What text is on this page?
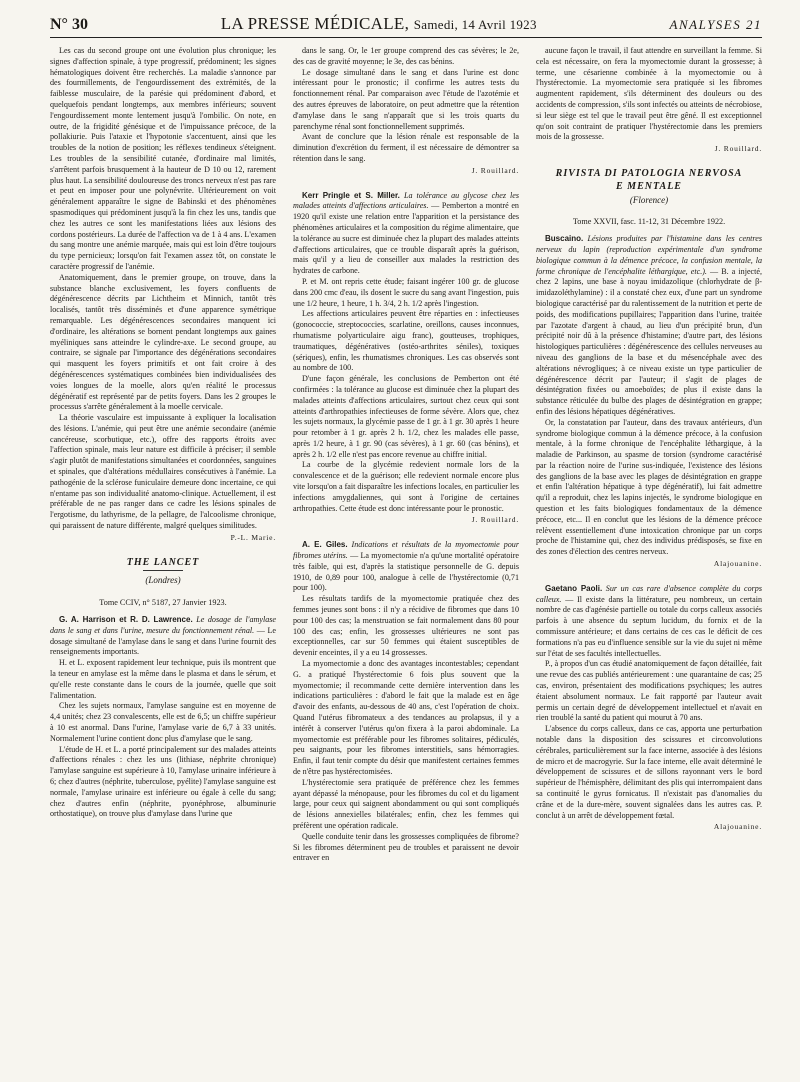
N° 30	LA PRESSE MÉDICALE, Samedi, 14 Avril 1923	ANALYSES 21

Les cas du second groupe ont une évolution plus chronique; les signes d'affection spinale, à type progressif, prédominent; les signes hématologiques doivent être recherchés. La maladie s'annonce par des fourmillements, de l'engourdissement des extrémités, de la faiblesse musculaire, de la parésie qui prédominent d'abord, et quelquefois pendant longtemps, aux membres inférieurs; souvent l'engourdissement monte lentement jusqu'à l'ombilic. On note, en outre, de la frigidité génésique et de l'impuissance précoce, de la pollakiurie. Puis l'ataxie et l'hypotonie s'accentuent, ainsi que les troubles de la notion de position; les réflexes tendineux s'éteignent. Les troubles de la sensibilité cutanée, d'ordinaire mal limités, s'arrêtent parfois brusquement à la hauteur de D 10 ou 12, rarement plus haut. La sensibilité douloureuse des troncs nerveux n'est pas rare et peut en imposer pour une polynévrite. Ultérieurement on voit généralement apparaître le signe de Babinski et des phénomènes spasmodiques qui prédominent jusqu'à la fin chez les uns, tandis que chez les autres ce sont les manifestations liées aux lésions des cordons postérieurs. La durée de l'affection va de 1 à 4 ans. L'examen du sang montre une anémie marquée, mais qui est loin d'être toujours du type pernicieux; lorsqu'on fait l'examen assez tôt, on constate le caractère progressif de l'anémie.

Anatomiquement, dans le premier groupe, on trouve, dans la substance blanche exclusivement, les foyers confluents de dégénérescence décrits par Lichtheim et Minnich, tantôt très localisés, tantôt très disséminés et d'une apparence symétrique remarquable. Les dégénérescences secondaires manquent ici d'ordinaire, les altérations se bornent pendant longtemps aux gaines myéliniques sans atteindre le cylindre-axe. Le second groupe, au contraire, se signale par l'importance des dégénérations secondaires qui masquent les foyers primitifs et ont fait croire à des dégénérescences systématiques combinées bien individualisées des voies longues de la moelle, alors qu'en réalité le processus dégénératif est représenté par de petits foyers. Dans les 2 groupes le processus s'arrête généralement à la moelle cervicale.

La théorie vasculaire est impuissante à expliquer la localisation des lésions. L'anémie, qui peut être une anémie secondaire (anémie cancéreuse, scorbutique, etc.), offre des rapports étroits avec l'affection spinale, mais leur nature est difficile à préciser; il semble s'agir plutôt de manifestations simultanées et coordonnées, sanguines et spinales, que d'altérations médullaires consécutives à l'anémie. La pathogénie de la sclérose funiculaire demeure donc incertaine, ce qui n'entame pas son individualité anatomo-clinique. Actuellement, il est préférable de ne pas ranger dans ce cadre les lésions spinales de l'ergotisme, du lathyrisme, de la pellagre, de l'alcoolisme chronique, qui paraissent de nature différente, malgré quelques similitudes.

P.-L. Marie.
THE LANCET
(Londres)
Tome CCIV, n° 5187, 27 Janvier 1923.

G. A. Harrison et R. D. Lawrence. Le dosage de l'amylase dans le sang et dans l'urine, mesure du fonctionnement rénal. — Le dosage simultané de l'amylase dans le sang et dans l'urine fournit des renseignements importants.

H. et L. exposent rapidement leur technique, puis ils montrent que la teneur en amylase est la même dans le plasma et dans le sérum, et qu'elle reste constante dans le cours de la journée, quelle que soit l'alimentation.

Chez les sujets normaux, l'amylase sanguine est en moyenne de 4,4 unités; chez 23 convalescents, elle est de 6,5; un chiffre supérieur à 10 est anormal. Dans l'urine, l'amylase varie de 6,7 à 33 unités. Normalement l'urine contient donc plus d'amylase que le sang.

L'étude de H. et L. a porté principalement sur des malades atteints d'affections rénales : chez les uns (lithiase, néphrite chronique) l'amylase sanguine est supérieure à 10, l'amylase urinaire inférieure à 6; chez d'autres (néphrite, tuberculose, pyélite) l'amylase sanguine est normale, l'amylase urinaire est inférieure ou égale à celle du sang; chez d'autres enfin (néphrite, pyonéphrose, albuminurie orthostatique), on trouve plus d'amylase dans l'urine que

dans le sang. Or, le 1er groupe comprend des cas sévères; le 2e, des cas de gravité moyenne; le 3e, des cas bénins.

Le dosage simultané dans le sang et dans l'urine est donc intéressant pour le pronostic; il confirme les autres tests du fonctionnement rénal. Par comparaison avec l'étude de l'azotémie et des autres épreuves de laboratoire, on peut admettre que la rétention d'amylase dans le sang n'apparaît que si les trois quarts du parenchyme rénal sont fonctionnellement supprimés.

Avant de conclure que la lésion rénale est responsable de la diminution d'excrétion du ferment, il est nécessaire de démontrer sa rétention dans le sang.

J. Rouillard.

Kerr Pringle et S. Miller. La tolérance au glycose chez les malades atteints d'affections articulaires. — Pemberton a montré en 1920 qu'il existe une relation entre l'apparition et la persistance des phénomènes articulaires et la composition du régime alimentaire, que la tolérance au sucre est diminuée chez la plupart des malades atteints d'affections articulaires, que ce trouble disparaît après la guérison, mais qu'il y a lieu de conseiller aux malades la restriction des hydrates de carbone.

P. et M. ont repris cette étude; faisant ingérer 100 gr. de glucose dans 200 cmc d'eau, ils dosent le sucre du sang avant l'ingestion, puis une 1/2 heure, 1 heure, 1 h. 3/4, 2 h. 1/2 après l'ingestion.

Les affections articulaires peuvent être réparties en : infectieuses (gonococcie, streptococcies, scarlatine, oreillons, causes inconnues, rhumatisme polyarticulaire aigu franc), goutteuses, trophiques, traumatiques, dégénératives (ostéo-arthrites séniles), toxiques (sériques), enfin, les rhumatismes chroniques. Les cas observés sont au nombre de 100.

D'une façon générale, les conclusions de Pemberton ont été confirmées : la tolérance au glucose est diminuée chez la plupart des malades atteints d'affections articulaires, surtout chez ceux qui sont atteints d'arthropathies infectieuses de forme sévère. Alors que, chez les sujets normaux, la glycémie passe de 1 gr. à 1 gr. 30 après 1 heure pour retomber à 1 gr. après 2 h. 1/2, chez les malades elle passe, après 1/2 heure, à 1 gr. 90 (cas sévères), à 1 gr. 60 (cas bénins), et après 2 h. 1/2 elle n'est pas encore revenue au chiffre initial.

La courbe de la glycémie redevient normale lors de la convalescence et de la guérison; elle redevient normale encore plus vite lorsqu'on a fait disparaître les infections locales, en particulier les infections amygdaliennes, qui sont à l'origine de certaines arthropathies. Cette étude est donc intéressante pour le pronostic.

J. Rouillard.

A. E. Giles. Indications et résultats de la myomectomie pour fibromes utérins. — La myomectomie n'a qu'une mortalité opératoire très faible, qui est, d'après la statistique personnelle de G. depuis 1910, de 0,89 pour 100, analogue à celle de l'hystérectomie (0,71 pour 100).

Les résultats tardifs de la myomectomie pratiquée chez des femmes jeunes sont bons : il n'y a récidive de fibromes que dans 10 pour 100 des cas; la menstruation se fait normalement dans 80 pour 100 des cas; enfin, les grossesses ultérieures ne sont pas exceptionnelles, car sur 50 femmes qui étaient susceptibles de devenir enceintes, il y a eu 14 grossesses.

La myomectomie a donc des avantages incontestables; cependant G. a pratiqué l'hystérectomie 6 fois plus souvent que la myomectomie; il recommande cette dernière intervention dans les indications particulières : d'abord le fait que la malade est en âge d'avoir des enfants, au-dessous de 40 ans, c'est l'opération de choix. Quand l'utérus fibromateux a des tendances au prolapsus, il y a intérêt à conserver l'utérus qu'on fixera à la paroi abdominale. La myomectomie est préférable pour les fibromes solitaires, pédiculés, peu saignants, pour les fibromes interstitiels, sans hémorragies. Enfin, il faut tenir compte du désir que manifestent certaines femmes de n'être pas hystérectomisées.

L'hystérectomie sera pratiquée de préférence chez les femmes ayant dépassé la ménopause, pour les fibromes du col et du ligament large, pour ceux qui saignent abondamment ou qui sont compliqués de lésions annexielles bilatérales; enfin, chez les femmes qui préfèrent une opération radicale.

Quelle conduite tenir dans les grossesses compliquées de fibrome? Si les fibromes déterminent peu de troubles et paraissent ne devoir entraver en

aucune façon le travail, il faut attendre en surveillant la femme. Si cela est nécessaire, on fera la myomectomie durant la grossesse; à terme, une césarienne combinée à la myomectomie ou à l'hystérectomie. La myomectomie sera pratiquée si les fibromes augmentent rapidement, s'ils déterminent des douleurs ou des accidents de compression, s'ils sont infectés ou atteints de nécrobiose, si leur siège est tel que le travail peut être gêné. Il est exceptionnel qu'on soit contraint de pratiquer l'hystérectomie dans les premiers mois de la grossesse.

J. Rouillard.
RIVISTA DI PATOLOGIA NERVOSA
E MENTALE
(Florence)
Tome XXVII, fasc. 11-12, 31 Décembre 1922.

Buscaino. Lésions produites par l'histamine dans les centres nerveux du lapin (reproduction expérimentale d'un syndrome biologique commun à la démence précoce, la confusion mentale, la forme chronique de l'encéphalite léthargique, etc.). — B. a injecté, chez 2 lapins, une base à noyau imidazolique (chlorhydrate de β-imidazoléthylamine) : il a constaté chez eux, d'une part un syndrome biologique caractérisé par du ralentissement de la nutrition et perte de poids, des modifications pupillaires; l'apparition dans l'urine, traitée par l'azotate d'argent à chaud, au lieu d'un précipité brun, d'un précipité noir dû à la présence d'histamine; d'autre part, des lésions histologiques particulières : dégénérescence des cellules nerveuses au niveau des ganglions de la base et du mésencéphale avec des altérations névrogliques; à ce niveau existe un type particulier de dégénérescence décrit par l'auteur; il s'agit de plages de désintégration fixées ou amoeboïdes; de plus il existe dans la substance réticulée du bulbe des plages de désintégration en grappe; enfin des lésions hépatiques dégénératives.

Or, la constatation par l'auteur, dans des travaux antérieurs, d'un syndrome biologique commun à la démence précoce, à la confusion mentale, à la forme chronique de l'encéphalite léthargique, à la maladie de Parkinson, au spasme de torsion (syndrome caractérisé par la réaction noire de l'urine sus-indiquée, l'existence des lésions des ganglions de la base avec les plages de désintégration en grappe et enfin l'altération hépatique à type dégénératif), lui fait admettre qu'il a reproduit, chez les lapins injectés, le syndrome biologique en question et les faits biologiques fondamentaux de la démence précoce, etc... Il en conclut que les lésions de la démence précoce relèvent essentiellement d'une intoxication chronique par un corps proche de l'histamine qui, chez des individus prédisposés, se fixe en des zones d'élection des centres nerveux.

Alajouanine.

Gaetano Paoli. Sur un cas rare d'absence complète du corps calleux. — Il existe dans la littérature, peu nombreux, un certain nombre de cas d'agénésie partielle ou totale du corps calleux associés parfois à une absence du septum lucidum, du fornix et de la commissure antérieure; et dans certains de ces cas le déficit de ces formations n'a pas eu d'influence sensible sur la vie du sujet ni même sur l'état de ses facultés intellectuelles.

P., à propos d'un cas étudié anatomiquement de façon détaillée, fait une revue des cas publiés antérieurement : une quarantaine de cas; 25 cas, environ, présentaient des modifications psychiques; les autres étaient absolument normaux. Le fait rapporté par l'auteur avait permis un certain degré de développement intellectuel et n'avait en rien troublé la santé du patient qui mourut à 70 ans.

L'absence du corps calleux, dans ce cas, apporta une perturbation notable dans la disposition des scissures et circonvolutions cérébrales, particulièrement sur la face interne, associée à des lésions de micro et de macrogyrie. Sur la face interne, elle avait déterminé le développement de scissures et de sillons rayonnant vers le bord supérieur de l'hémisphère, délimitant des plis qui interrompaient dans sa continuité le gyrus fornicatus. Il n'existait pas d'anomalies du crâne et de la dure-mère, souvent signalées dans les autres cas. P. conclut à un arrêt de développement fœtal.

Alajouanine.
